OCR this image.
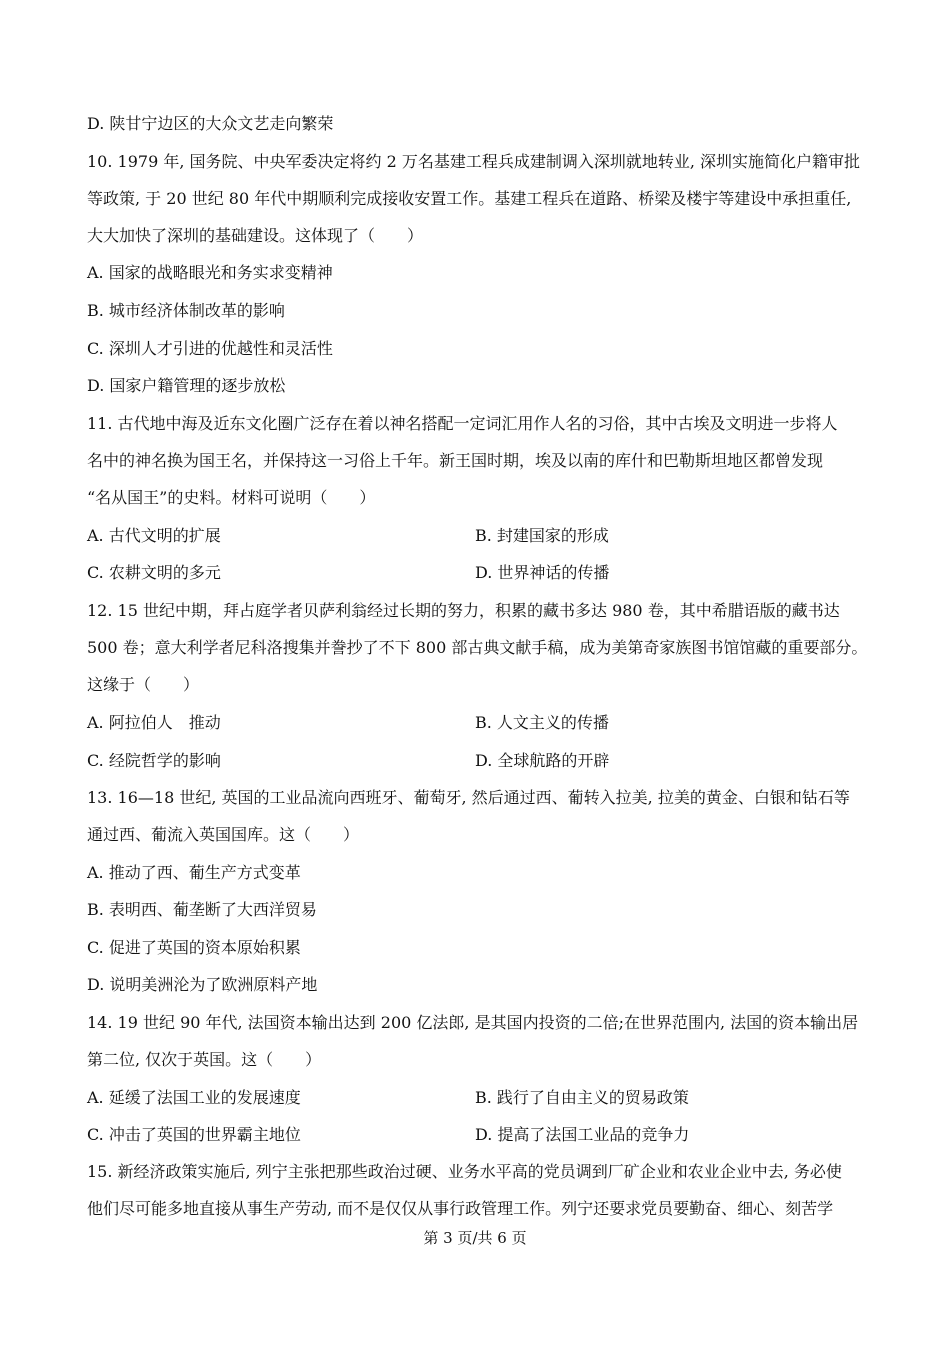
D. 陕甘宁边区的大众文艺走向繁荣
10. 1979 年, 国务院、中央军委决定将约 2 万名基建工程兵成建制调入深圳就地转业, 深圳实施简化户籍审批
等政策, 于 20 世纪 80 年代中期顺利完成接收安置工作。基建工程兵在道路、桥梁及楼宇等建设中承担重任,
大大加快了深圳的基础建设。这体现了（　　）
A. 国家的战略眼光和务实求变精神
B. 城市经济体制改革的影响
C. 深圳人才引进的优越性和灵活性
D. 国家户籍管理的逐步放松
11. 古代地中海及近东文化圈广泛存在着以神名搭配一定词汇用作人名的习俗，其中古埃及文明进一步将人
名中的神名换为国王名，并保持这一习俗上千年。新王国时期，埃及以南的库什和巴勒斯坦地区都曾发现
“名从国王”的史料。材料可说明（　　）
A. 古代文明的扩展	B. 封建国家的形成
C. 农耕文明的多元	D. 世界神话的传播
12. 15 世纪中期，拜占庭学者贝萨利翁经过长期的努力，积累的藏书多达 980 卷，其中希腊语版的藏书达
500 卷；意大利学者尼科洛搜集并誊抄了不下 800 部古典文献手稿，成为美第奇家族图书馆馆藏的重要部分。
这缘于（　　）
A. 阿拉伯人　推动	B. 人文主义的传播
C. 经院哲学的影响	D. 全球航路的开辟
13. 16—18 世纪, 英国的工业品流向西班牙、葡萄牙, 然后通过西、葡转入拉美, 拉美的黄金、白银和钻石等
通过西、葡流入英国国库。这（　　）
A. 推动了西、葡生产方式变革
B. 表明西、葡垄断了大西洋贸易
C. 促进了英国的资本原始积累
D. 说明美洲沦为了欧洲原料产地
14. 19 世纪 90 年代, 法国资本输出达到 200 亿法郎, 是其国内投资的二倍;在世界范围内, 法国的资本输出居
第二位, 仅次于英国。这（　　）
A. 延缓了法国工业的发展速度	B. 践行了自由主义的贸易政策
C. 冲击了英国的世界霸主地位	D. 提高了法国工业品的竞争力
15. 新经济政策实施后, 列宁主张把那些政治过硬、业务水平高的党员调到厂矿企业和农业企业中去, 务必使
他们尽可能多地直接从事生产劳动, 而不是仅仅从事行政管理工作。列宁还要求党员要勤奋、细心、刻苦学
第 3 页/共 6 页
